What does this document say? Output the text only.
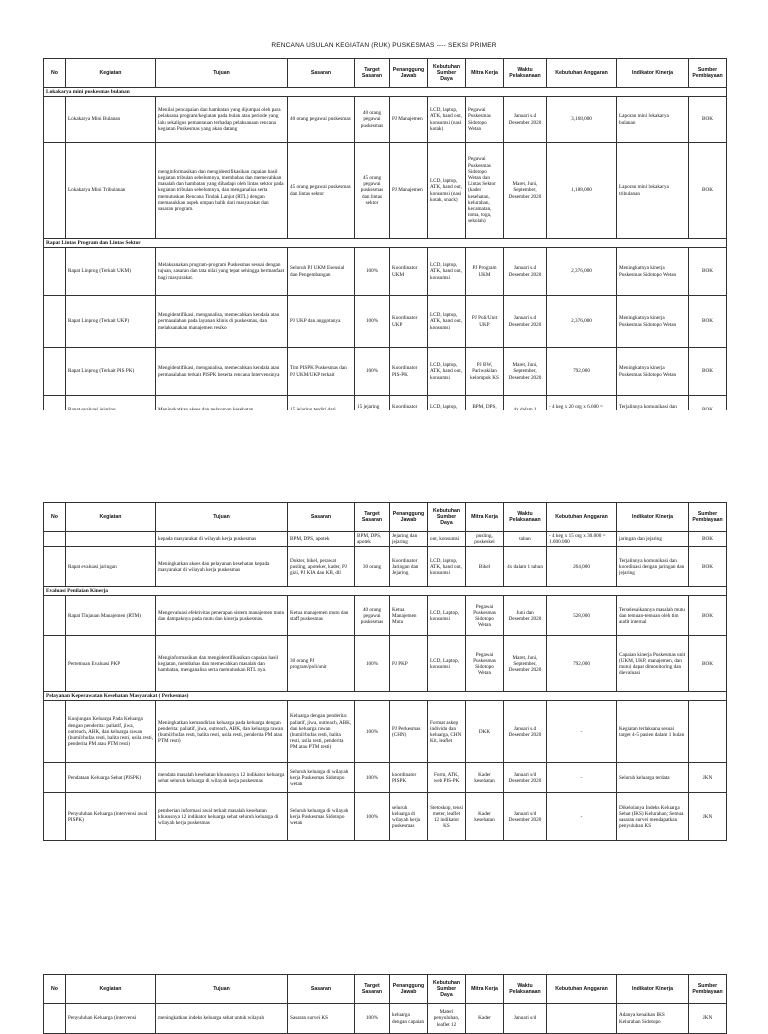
RENCANA USULAN KEGIATAN (RUK) PUSKESMAS ---- SEKSI PRIMER
No	Kegiatan	Tujuan	Sasaran	Target Sasaran	Penanggung Jawab	Kebutuhan Sumber Daya	Mitra Kerja	Waktu Pelaksanaan	Kebutuhan Anggaran	Indikator Kinerja	Sumber Pembiayaan
Lokakarya mini puskesmas bulanan											
	Lokakarya Mini Bulanan	Menilai pencapaian dan hambatan yang dijumpai oleh para pelaksana program/kegiatan pada bulan atau periode yang lalu sekaligus pemantauan terhadap pelaksanaan rencana kegiatan Puskesmas yang akan datang	40 orang pegawai puskesmas	40 orang pegawai puskesmas	PJ Manajemen	LCD, laptop, ATK, hand out, konsumsi (nasi kotak)	Pegawai Puskesmas Sidotopo Wetan	Januari s.d Desember 2020	3,168,000	Laporan mini lokakarya bulanan	BOK
	Lokakarya Mini Tribulanan	menginformasikan dan mengidentifikasikan capaian hasil kegiatan tribulan sebelumnya, membahas dan memecahkan masalah dan hambatan yang dihadapi oleh lintas sektor pada kegiatan tribulan sebelumnya, dan menganalisa serta memutuskan Rencana Tindak Lanjut (RTL) dengan memasukkan aspek umpan balik dari masyarakat dan sasaran program.	45 orang pegawai puskesmas dan lintas sektor	45 orang pegawai puskesmas dan lintas sektor	PJ Manajemen	LCD, laptop, ATK, hand out, konsumsi (nasi kotak, snack)	Pegawai Puskesmas Sidotopo Wetan dan Lintas Sektor (kader kesehatan, kelurahan, kecamatan, toma, toga, sekolah)	Maret, Juni, September, Desember 2020	1,188,000	Laporan mini lokakarya tribulanan	BOK
Rapat Lintas Program dan Lintas Sektor											
	Rapat Linprog (Terkait UKM)	Melaksanakan program-program Puskesmas sesuai dengan tujuan, sasaran dan tata nilai yang tepat sehingga bermanfaat bagi masyarakat.	Seluruh PJ UKM Esensial dan Pengembangan	100%	Koordinator UKM	LCD, laptop, ATK, hand out, konsumsi	PJ Program UKM	Januari s.d Desember 2020	2,376,000	Meningkatnya kinerja Puskesmas Sidotopo Wetan	BOK
	Rapat Linprog (Terkait UKP)	Mengidentifikasi, menganalisa, memecahkan kendala atau permasalahan pada layanan klinis di puskesmas, dan melaksanakan manajemen resiko	PJ UKP dan anggotanya	100%	Koordinator UKP	LCD, laptop, ATK, hand out, konsumsi	PJ Poli/Unit UKP	Januari s.d Desember 2020	2,376,000	Meningkatnya kinerja Puskesmas Sidotopo Wetan	BOK
	Rapat Linprog (Terkait PIS PK)	Mengidentifikasi, menganalisa, memecahkan kendala atau permasalahan terkait PISPK beserta rencana Intervensinya	Tim PISPK Puskesmas dan PJ UKM/UKP terkait	100%	Koordinator PIS-PK	LCD, laptop, ATK, hand out, konsumsi	PJ BW, Pariwakilan kelompok KS	Maret, Juni, September, Desember 2020	792,000	Meningkatnya kinerja Puskesmas Sidotopo Wetan	BOK
				15 jejaring	Koordinator	LCD, laptop,	BPM, DPS,		- 4 keg x 20 org x 6.600 =	Terjalinnya komunikasi dan	
No	Kegiatan	Tujuan	Sasaran	Target Sasaran	Penanggung Jawab	Kebutuhan Sumber Daya	Mitra Kerja	Waktu Pelaksanaan	Kebutuhan Anggaran	Indikator Kinerja	Sumber Pembiayaan
		kepada masyarakat di wilayah kerja puskesmas	BPM, DPS, apotek	BPM, DPS, apotek	Jejaring dan jejaring	out, konsumsi	pusling, poskeskel	tahun	- 4 keg x 15 org x 30.000 = 1.600.000	jaringan dan jejaring	BOK
	Rapat evaluasi jaringan	Meningkatkan akses dan pelayanan kesehatan kepada masyarakat di wilayah kerja puskesmas	Dokter, bikel, perawat pusling, apoteker, kader, PJ gizi, PJ KIA dan KB, dll	30 orang	Koordinator Jaringan dan Jejaring	LCD, laptop, ATK, hand out, konsumsi	Bikel	4x dalam 1 tahun	264,000	Terjalinnya komunikasi dan koordinasi dengan jaringan dan jejaring	BOK
Evaluasi Penilaian Kinerja											
	Rapat Tinjauan Manajemen (RTM)	Mengevaluasi efektivitas penerapan sistem manajemen mutu dan dampaknya pada mutu dan kinerja puskesmas.	Ketua manajemen mutu dan staff puskesmas	40 orang pegawai puskesmas	Ketua Manajemen Mutu	LCD, Laptop, konsumsi	Pegawai Puskesmas Sidotopo Wetan	Juni dan Desember 2020	528,000	Terselesaikannya masalah mutu dan temuan-temuan oleh tim audit internal	BOK
	Pertemuan Evaluasi PKP	Menginformasikan dan mengidentifikasikan capaian hasil kegiatan, membahas dan memecahkan masalah dan hambatan, menganalisa serta memutuskan RTL nya.	30 orang PJ program/poli/unit	100%	PJ PKP	LCD, Laptop, konsumsi	Pegawai Puskesmas Sidotopo Wetan	Maret, Juni, September, Desember 2020	792,000	Capaian kinerja Puskesmas unit (UKM, UKP, manajemen, dan mutu) dapat dimonitoring dan dievaluasi	BOK
Pelayanan Keperawatan Kesehatan Masyarakat ( Perkesmas)											
	Kunjungan Keluarga Pada Keluarga dengan penderita: paliatif, jiwa, outreach, ABK, dan keluarga rawan (bumil/bufas resti, balita resti, usila resti, penderita PM atau PTM resti)	Meningkatkan kemandirian keluarga pada keluarga dengan penderita: paliatif, jiwa, outreach, ABK, dan keluarga rawan (bumil/bufas resti, balita resti, usila resti, penderita PM atau PTM resti)	Keluarga dengan penderita: paliatif, jiwa, outreach, ABK, dan keluarga rawan (bumil/bufas resti, balita resti, usila resti, penderita PM atau PTM resti)	100%	PJ Perkesmas (CHN)	Format askep individu dan keluarga, CHN Kit, leaflet	DKK	Januari s.d Desember 2020	-	Kegiatan terlaksana sesuai target 4-5 pasien dalam 1 bulan	
	Pendataan Keluarga Sehat (PISPK)	mendata masalah kesehatan khususnya 12 indikator keluarga sehat seluruh keluarga di wilayah kerja puskesmas	Seluruh keluarga di wilayah kerja Puskesmas Sidotopo wetan	100%	koordinator PISPK	Form, ATK, web PIS-PK	Kader kesehatan	Januari s/d Desember 2020	-	Seluruh keluarga terdata	JKN
	Penyuluhan Keluarga (intervensi awal PISPK)	pemberian informasi awal terkait masalah kesehatan khususnya 12 indikator keluarga sehat seluruh keluarga di wilayah kerja puskesmas	Seluruh keluarga di wilayah kerja Puskesmas Sidotopo wetan	100%	seluruh keluarga di wilayah kerja puskesmas	Stetoskop, tensi meter, leaflet 12 indikator KS	Kader kesehatan	Januari s/d Desember 2020	-	Dikelolanya Indeks Keluarga Sehat (IKS) Kelurahan; Semua sasaran survei mendapatkan penyuluhan KS	JKN
No	Kegiatan	Tujuan	Sasaran	Target Sasaran	Penanggung Jawab	Kebutuhan Sumber Daya	Mitra Kerja	Waktu Pelaksanaan	Kebutuhan Anggaran	Indikator Kinerja	Sumber Pembiayaan
	Penyuluhan Keluarga (intervensi	meningkatkan indeks keluarga sehat untuk wilayah	Sasaran survei KS	100%	keluarga dengan capaian	Materi penyuluhan, leaflet 12	Kader	Januari s/d		Adanya kenaikan IKS Kelurahan Sidotopo	JKN
